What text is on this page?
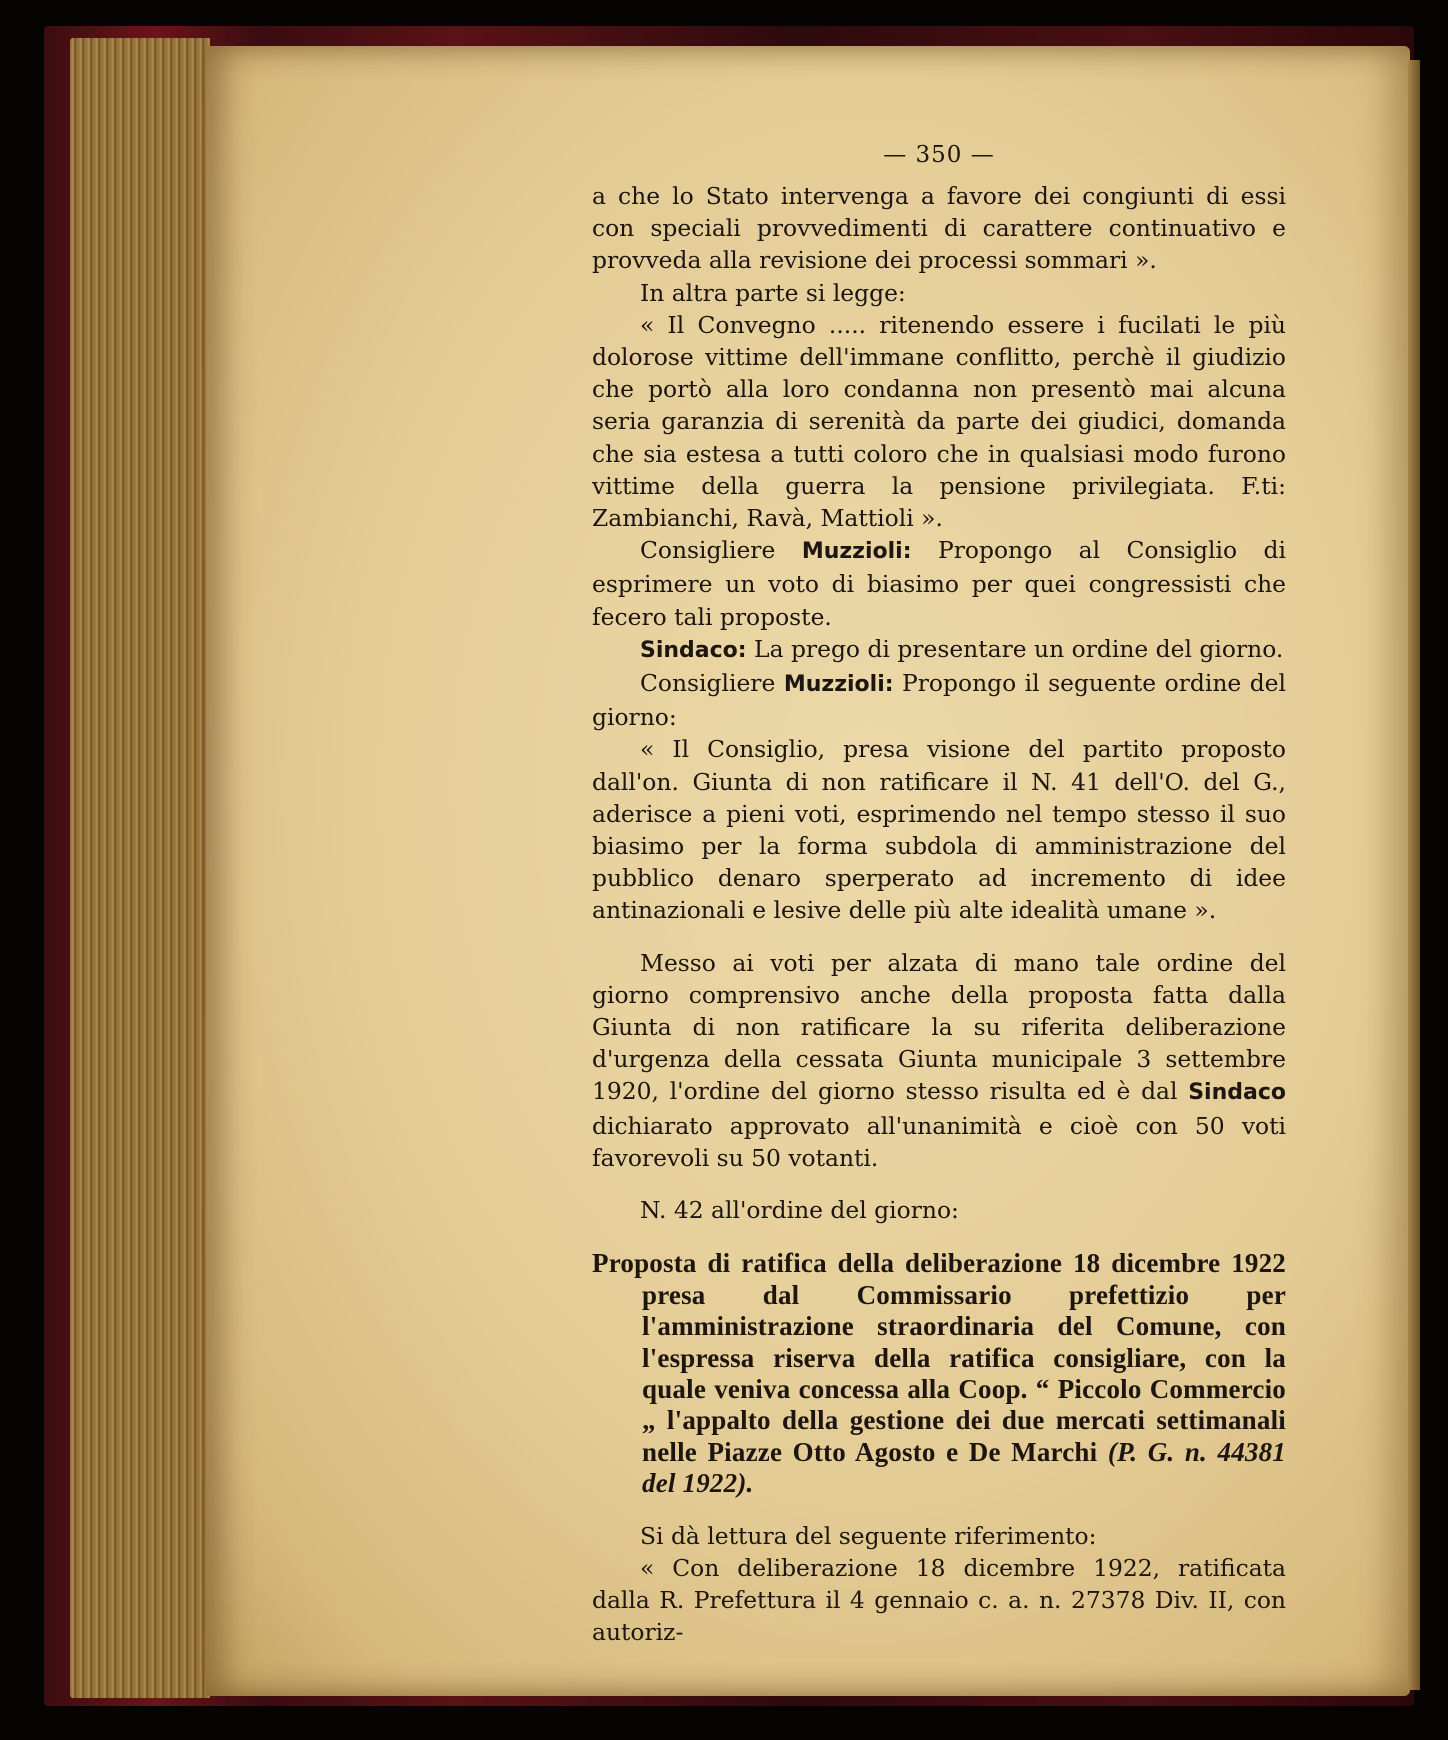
— 350 —

a che lo Stato intervenga a favore dei congiunti di essi con speciali provvedimenti di carattere continuativo e provveda alla revisione dei processi sommari ».

In altra parte si legge:

« Il Convegno ..... ritenendo essere i fucilati le più dolorose vittime dell'immane conflitto, perchè il giudizio che portò alla loro condanna non presentò mai alcuna seria garanzia di serenità da parte dei giudici, domanda che sia estesa a tutti coloro che in qualsiasi modo furono vittime della guerra la pensione privilegiata. F.ti: Zambianchi, Ravà, Mattioli ».

Consigliere Muzzioli: Propongo al Consiglio di esprimere un voto di biasimo per quei congressisti che fecero tali proposte.

Sindaco: La prego di presentare un ordine del giorno.

Consigliere Muzzioli: Propongo il seguente ordine del giorno:

« Il Consiglio, presa visione del partito proposto dall'on. Giunta di non ratificare il N. 41 dell'O. del G., aderisce a pieni voti, esprimendo nel tempo stesso il suo biasimo per la forma subdola di amministrazione del pubblico denaro sperperato ad incremento di idee antinazionali e lesive delle più alte idealità umane ».

Messo ai voti per alzata di mano tale ordine del giorno comprensivo anche della proposta fatta dalla Giunta di non ratificare la su riferita deliberazione d'urgenza della cessata Giunta municipale 3 settembre 1920, l'ordine del giorno stesso risulta ed è dal Sindaco dichiarato approvato all'unanimità e cioè con 50 voti favorevoli su 50 votanti.

N. 42 all'ordine del giorno:

Proposta di ratifica della deliberazione 18 dicembre 1922 presa dal Commissario prefettizio per l'amministrazione straordinaria del Comune, con l'espressa riserva della ratifica consigliare, con la quale veniva concessa alla Coop. “ Piccolo Commercio „ l'appalto della gestione dei due mercati settimanali nelle Piazze Otto Agosto e De Marchi (P. G. n. 44381 del 1922).

Si dà lettura del seguente riferimento:

« Con deliberazione 18 dicembre 1922, ratificata dalla R. Prefettura il 4 gennaio c. a. n. 27378 Div. II, con autoriz-
